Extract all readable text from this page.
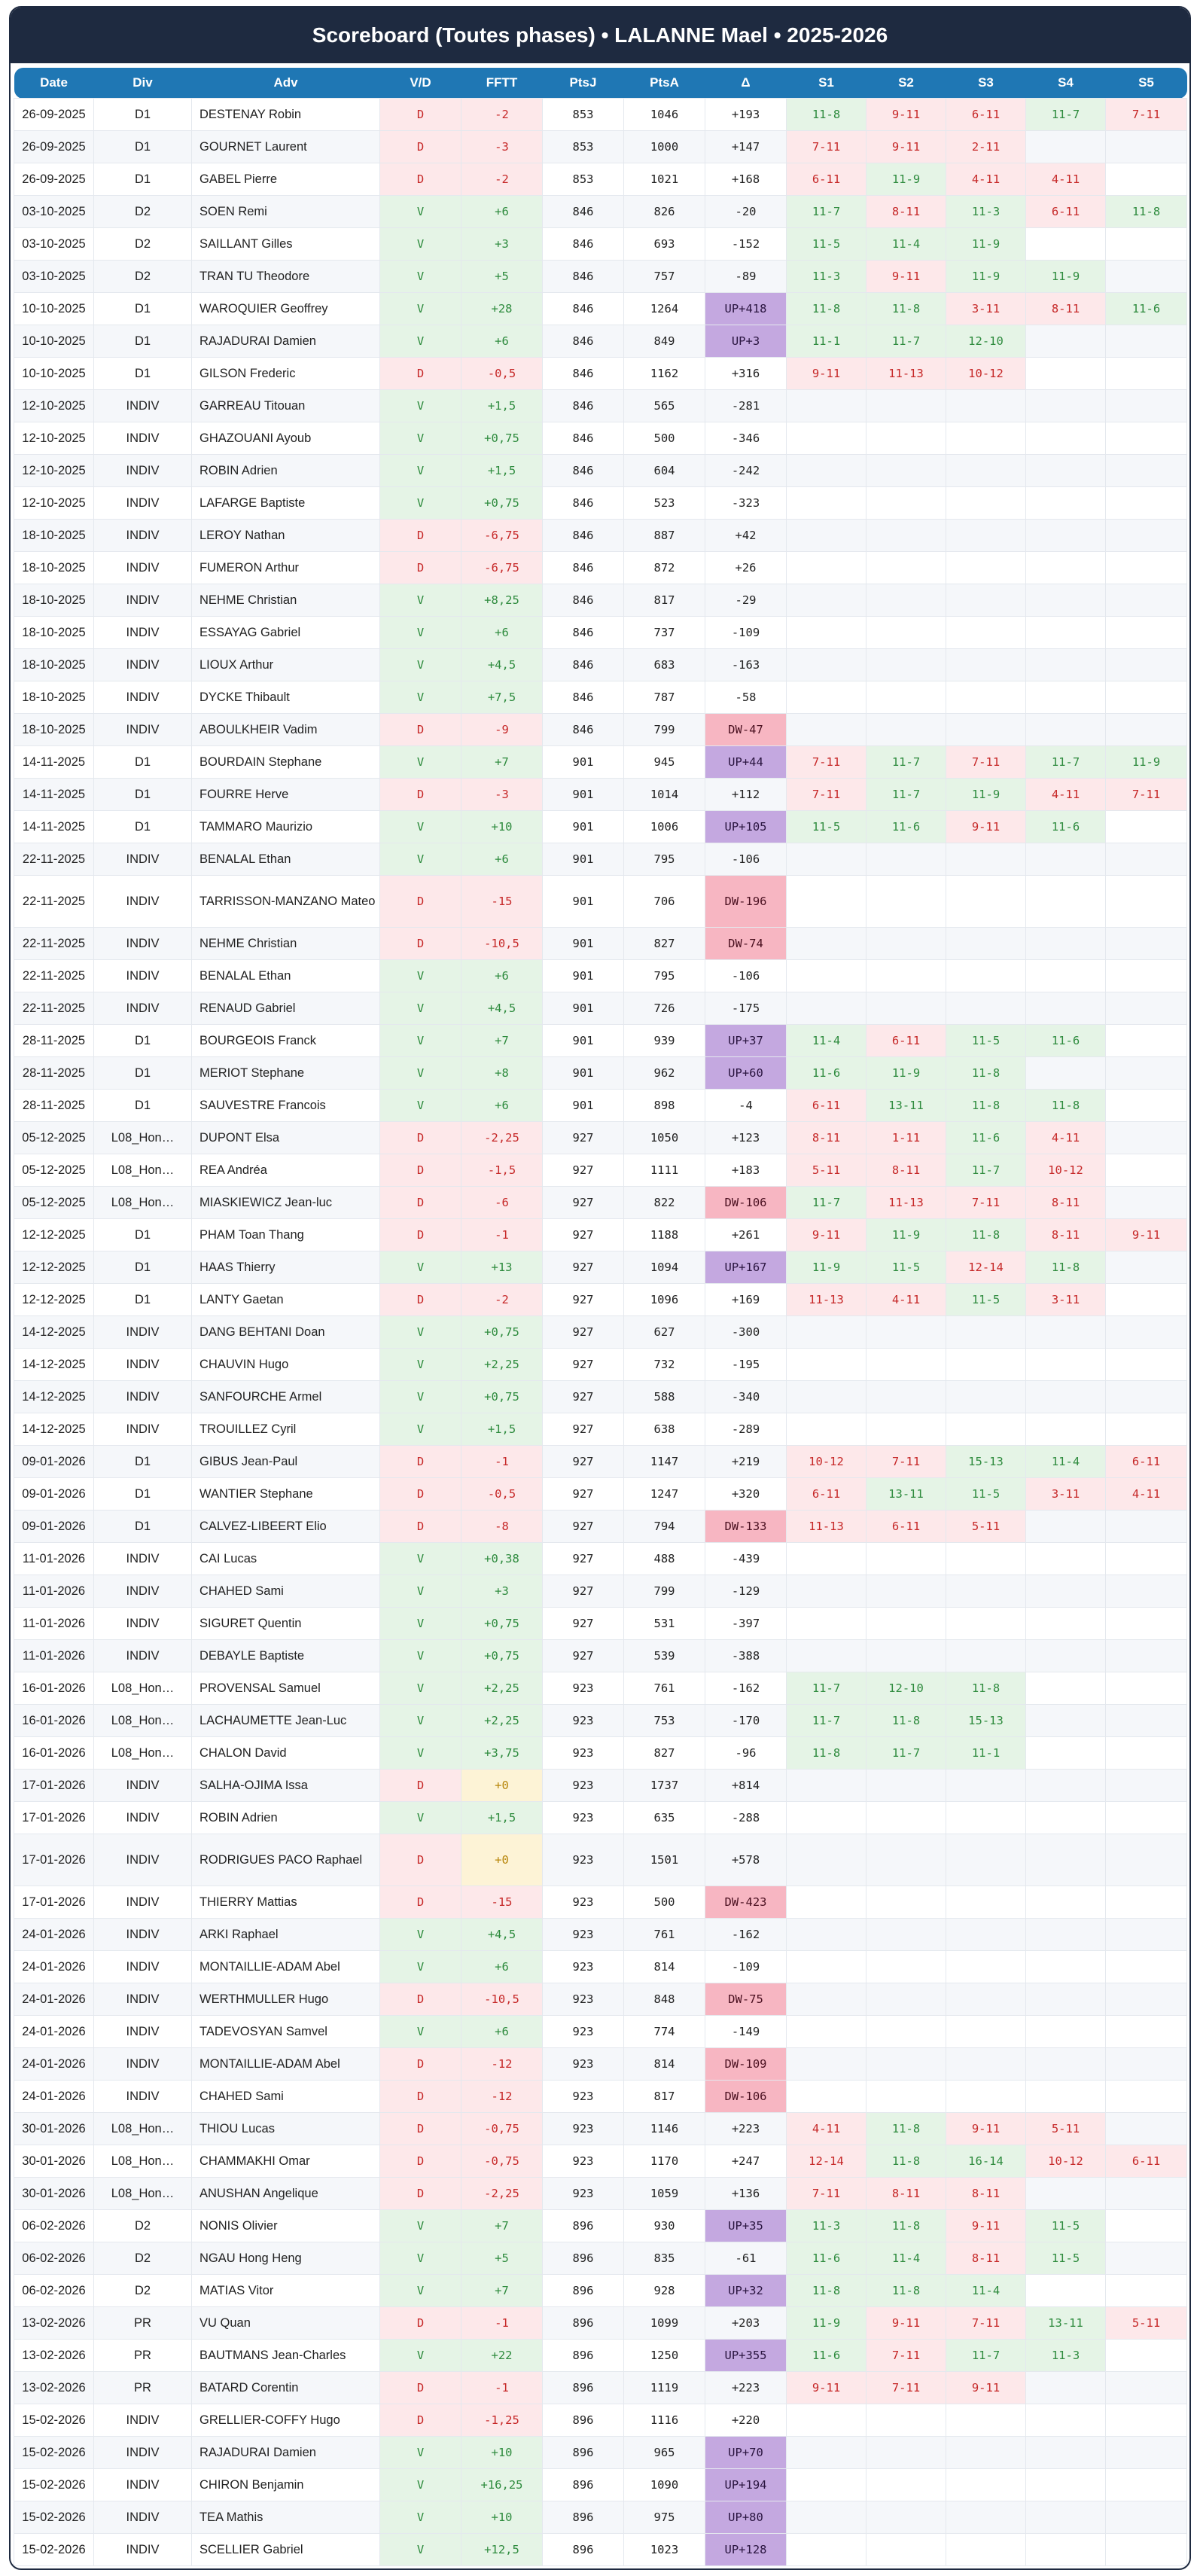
Scoreboard (Toutes phases) • LALANNE Mael • 2025-2026
Date	Div	Adv	V/D	FFTT	PtsJ	PtsA	Δ	S1	S2	S3	S4	S5
26-09-2025	D1	DESTENAY Robin	D	-2	853	1046	+193	11-8	9-11	6-11	11-7	7-11
26-09-2025	D1	GOURNET Laurent	D	-3	853	1000	+147	7-11	9-11	2-11		
26-09-2025	D1	GABEL Pierre	D	-2	853	1021	+168	6-11	11-9	4-11	4-11	
03-10-2025	D2	SOEN Remi	V	+6	846	826	-20	11-7	8-11	11-3	6-11	11-8
03-10-2025	D2	SAILLANT Gilles	V	+3	846	693	-152	11-5	11-4	11-9		
03-10-2025	D2	TRAN TU Theodore	V	+5	846	757	-89	11-3	9-11	11-9	11-9	
10-10-2025	D1	WAROQUIER Geoffrey	V	+28	846	1264	UP+418	11-8	11-8	3-11	8-11	11-6
10-10-2025	D1	RAJADURAI Damien	V	+6	846	849	UP+3	11-1	11-7	12-10		
10-10-2025	D1	GILSON Frederic	D	-0,5	846	1162	+316	9-11	11-13	10-12		
12-10-2025	INDIV	GARREAU Titouan	V	+1,5	846	565	-281					
12-10-2025	INDIV	GHAZOUANI Ayoub	V	+0,75	846	500	-346					
12-10-2025	INDIV	ROBIN Adrien	V	+1,5	846	604	-242					
12-10-2025	INDIV	LAFARGE Baptiste	V	+0,75	846	523	-323					
18-10-2025	INDIV	LEROY Nathan	D	-6,75	846	887	+42					
18-10-2025	INDIV	FUMERON Arthur	D	-6,75	846	872	+26					
18-10-2025	INDIV	NEHME Christian	V	+8,25	846	817	-29					
18-10-2025	INDIV	ESSAYAG Gabriel	V	+6	846	737	-109					
18-10-2025	INDIV	LIOUX Arthur	V	+4,5	846	683	-163					
18-10-2025	INDIV	DYCKE Thibault	V	+7,5	846	787	-58					
18-10-2025	INDIV	ABOULKHEIR Vadim	D	-9	846	799	DW-47					
14-11-2025	D1	BOURDAIN Stephane	V	+7	901	945	UP+44	7-11	11-7	7-11	11-7	11-9
14-11-2025	D1	FOURRE Herve	D	-3	901	1014	+112	7-11	11-7	11-9	4-11	7-11
14-11-2025	D1	TAMMARO Maurizio	V	+10	901	1006	UP+105	11-5	11-6	9-11	11-6	
22-11-2025	INDIV	BENALAL Ethan	V	+6	901	795	-106					
22-11-2025	INDIV	TARRISSON-MANZANO Mateo	D	-15	901	706	DW-196					
22-11-2025	INDIV	NEHME Christian	D	-10,5	901	827	DW-74					
22-11-2025	INDIV	BENALAL Ethan	V	+6	901	795	-106					
22-11-2025	INDIV	RENAUD Gabriel	V	+4,5	901	726	-175					
28-11-2025	D1	BOURGEOIS Franck	V	+7	901	939	UP+37	11-4	6-11	11-5	11-6	
28-11-2025	D1	MERIOT Stephane	V	+8	901	962	UP+60	11-6	11-9	11-8		
28-11-2025	D1	SAUVESTRE Francois	V	+6	901	898	-4	6-11	13-11	11-8	11-8	
05-12-2025	L08_Hon…	DUPONT Elsa	D	-2,25	927	1050	+123	8-11	1-11	11-6	4-11	
05-12-2025	L08_Hon…	REA Andréa	D	-1,5	927	1111	+183	5-11	8-11	11-7	10-12	
05-12-2025	L08_Hon…	MIASKIEWICZ Jean-luc	D	-6	927	822	DW-106	11-7	11-13	7-11	8-11	
12-12-2025	D1	PHAM Toan Thang	D	-1	927	1188	+261	9-11	11-9	11-8	8-11	9-11
12-12-2025	D1	HAAS Thierry	V	+13	927	1094	UP+167	11-9	11-5	12-14	11-8	
12-12-2025	D1	LANTY Gaetan	D	-2	927	1096	+169	11-13	4-11	11-5	3-11	
14-12-2025	INDIV	DANG BEHTANI Doan	V	+0,75	927	627	-300					
14-12-2025	INDIV	CHAUVIN Hugo	V	+2,25	927	732	-195					
14-12-2025	INDIV	SANFOURCHE Armel	V	+0,75	927	588	-340					
14-12-2025	INDIV	TROUILLEZ Cyril	V	+1,5	927	638	-289					
09-01-2026	D1	GIBUS Jean-Paul	D	-1	927	1147	+219	10-12	7-11	15-13	11-4	6-11
09-01-2026	D1	WANTIER Stephane	D	-0,5	927	1247	+320	6-11	13-11	11-5	3-11	4-11
09-01-2026	D1	CALVEZ-LIBEERT Elio	D	-8	927	794	DW-133	11-13	6-11	5-11		
11-01-2026	INDIV	CAI Lucas	V	+0,38	927	488	-439					
11-01-2026	INDIV	CHAHED Sami	V	+3	927	799	-129					
11-01-2026	INDIV	SIGURET Quentin	V	+0,75	927	531	-397					
11-01-2026	INDIV	DEBAYLE Baptiste	V	+0,75	927	539	-388					
16-01-2026	L08_Hon…	PROVENSAL Samuel	V	+2,25	923	761	-162	11-7	12-10	11-8		
16-01-2026	L08_Hon…	LACHAUMETTE Jean-Luc	V	+2,25	923	753	-170	11-7	11-8	15-13		
16-01-2026	L08_Hon…	CHALON David	V	+3,75	923	827	-96	11-8	11-7	11-1		
17-01-2026	INDIV	SALHA-OJIMA Issa	D	+0	923	1737	+814					
17-01-2026	INDIV	ROBIN Adrien	V	+1,5	923	635	-288					
17-01-2026	INDIV	RODRIGUES PACO Raphael	D	+0	923	1501	+578					
17-01-2026	INDIV	THIERRY Mattias	D	-15	923	500	DW-423					
24-01-2026	INDIV	ARKI Raphael	V	+4,5	923	761	-162					
24-01-2026	INDIV	MONTAILLIE-ADAM Abel	V	+6	923	814	-109					
24-01-2026	INDIV	WERTHMULLER Hugo	D	-10,5	923	848	DW-75					
24-01-2026	INDIV	TADEVOSYAN Samvel	V	+6	923	774	-149					
24-01-2026	INDIV	MONTAILLIE-ADAM Abel	D	-12	923	814	DW-109					
24-01-2026	INDIV	CHAHED Sami	D	-12	923	817	DW-106					
30-01-2026	L08_Hon…	THIOU Lucas	D	-0,75	923	1146	+223	4-11	11-8	9-11	5-11	
30-01-2026	L08_Hon…	CHAMMAKHI Omar	D	-0,75	923	1170	+247	12-14	11-8	16-14	10-12	6-11
30-01-2026	L08_Hon…	ANUSHAN Angelique	D	-2,25	923	1059	+136	7-11	8-11	8-11		
06-02-2026	D2	NONIS Olivier	V	+7	896	930	UP+35	11-3	11-8	9-11	11-5	
06-02-2026	D2	NGAU Hong Heng	V	+5	896	835	-61	11-6	11-4	8-11	11-5	
06-02-2026	D2	MATIAS Vitor	V	+7	896	928	UP+32	11-8	11-8	11-4		
13-02-2026	PR	VU Quan	D	-1	896	1099	+203	11-9	9-11	7-11	13-11	5-11
13-02-2026	PR	BAUTMANS Jean-Charles	V	+22	896	1250	UP+355	11-6	7-11	11-7	11-3	
13-02-2026	PR	BATARD Corentin	D	-1	896	1119	+223	9-11	7-11	9-11		
15-02-2026	INDIV	GRELLIER-COFFY Hugo	D	-1,25	896	1116	+220					
15-02-2026	INDIV	RAJADURAI Damien	V	+10	896	965	UP+70					
15-02-2026	INDIV	CHIRON Benjamin	V	+16,25	896	1090	UP+194					
15-02-2026	INDIV	TEA Mathis	V	+10	896	975	UP+80					
15-02-2026	INDIV	SCELLIER Gabriel	V	+12,5	896	1023	UP+128					
